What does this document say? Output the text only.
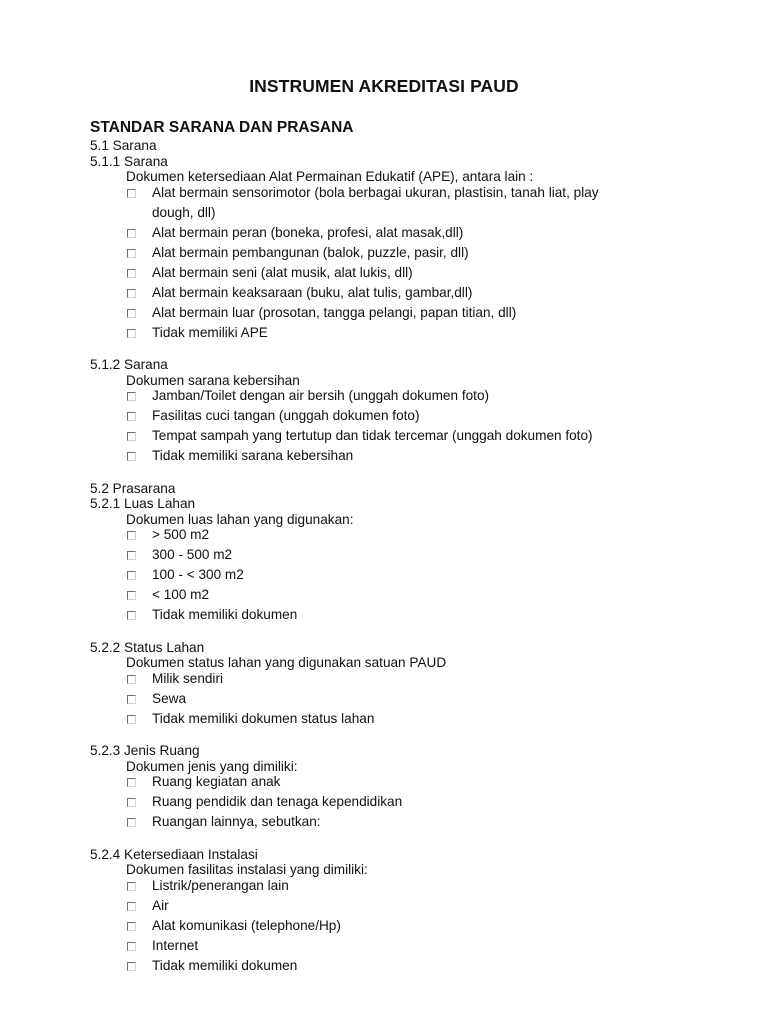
INSTRUMEN AKREDITASI PAUD
STANDAR SARANA DAN PRASANA
5.1 Sarana
5.1.1 Sarana
Dokumen ketersediaan Alat Permainan Edukatif (APE), antara lain :
Alat bermain sensorimotor (bola berbagai ukuran, plastisin, tanah liat, play
dough, dll)
Alat bermain peran (boneka, profesi, alat masak,dll)
Alat bermain pembangunan (balok, puzzle, pasir, dll)
Alat bermain seni (alat musik, alat lukis, dll)
Alat bermain keaksaraan (buku, alat tulis, gambar,dll)
Alat bermain luar (prosotan, tangga pelangi, papan titian, dll)
Tidak memiliki APE
5.1.2 Sarana
Dokumen sarana kebersihan
Jamban/Toilet dengan air bersih (unggah dokumen foto)
Fasilitas cuci tangan (unggah dokumen foto)
Tempat sampah yang tertutup dan tidak tercemar (unggah dokumen foto)
Tidak memiliki sarana kebersihan
5.2 Prasarana
5.2.1 Luas Lahan
Dokumen luas lahan yang digunakan:
> 500 m2
300 - 500 m2
100 - < 300 m2
< 100 m2
Tidak memiliki dokumen
5.2.2 Status Lahan
Dokumen status lahan yang digunakan satuan PAUD
Milik sendiri
Sewa
Tidak memiliki dokumen status lahan
5.2.3 Jenis Ruang
Dokumen jenis yang dimiliki:
Ruang kegiatan anak
Ruang pendidik dan tenaga kependidikan
Ruangan lainnya, sebutkan:
5.2.4 Ketersediaan Instalasi
Dokumen fasilitas instalasi yang dimiliki:
Listrik/penerangan lain
Air
Alat komunikasi (telephone/Hp)
Internet
Tidak memiliki dokumen
